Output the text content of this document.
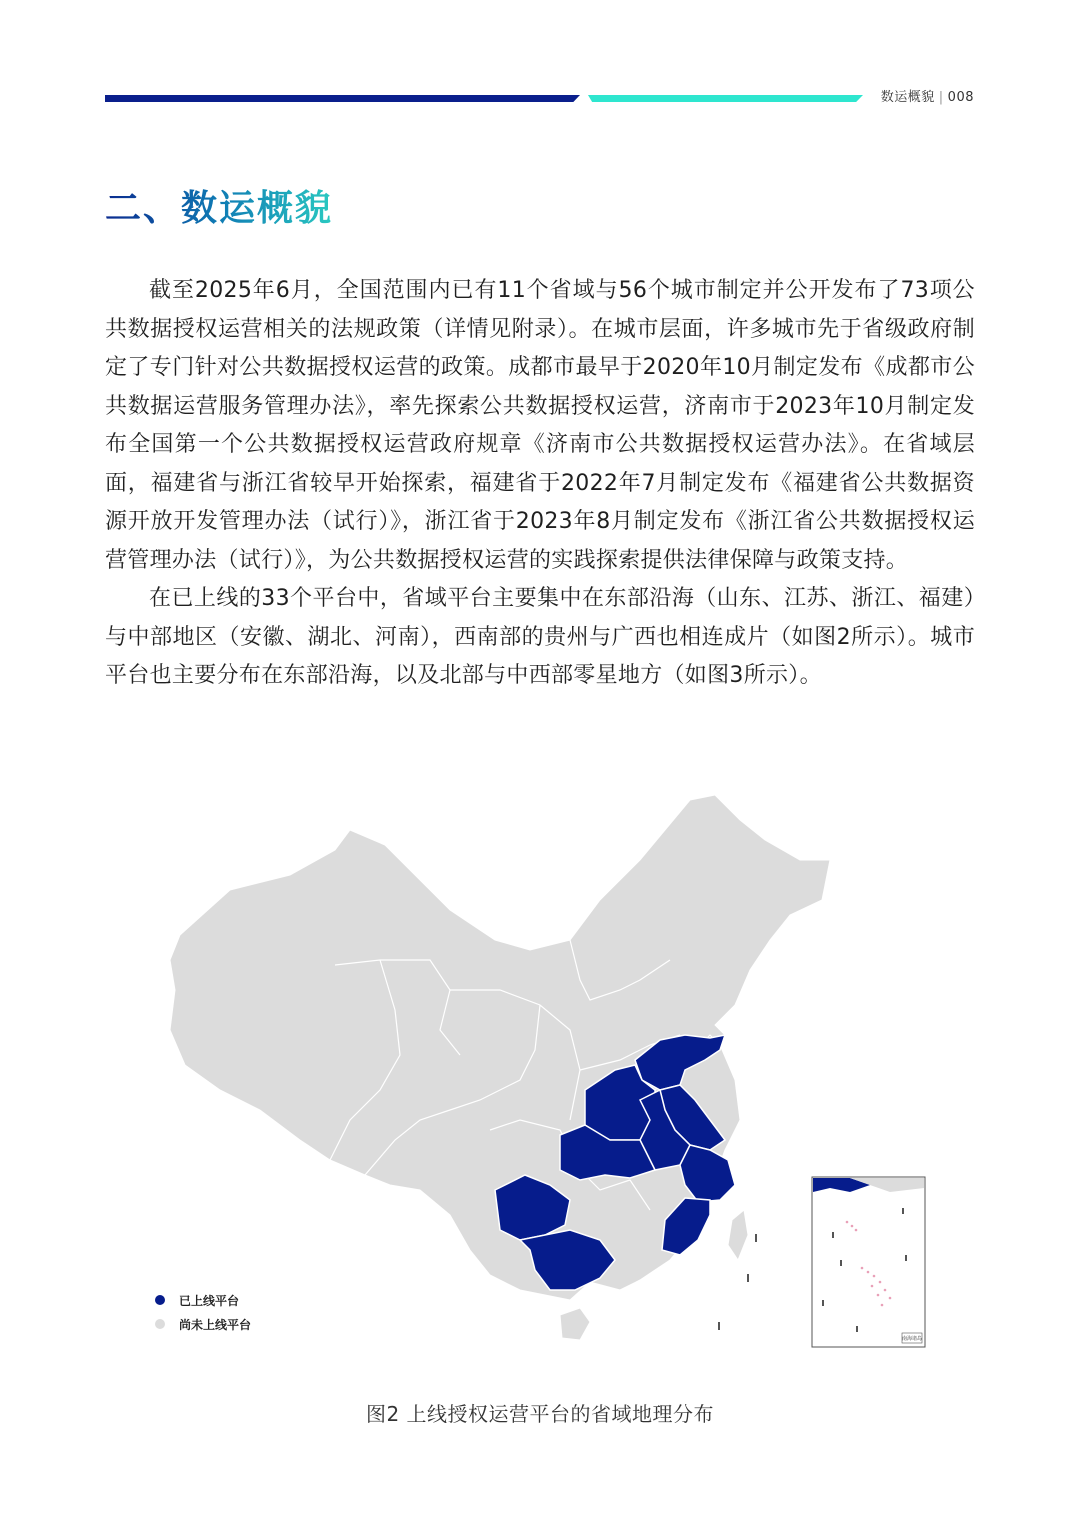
数运概貌 | 008
二、数运概貌

截至2025年6月，全国范围内已有11个省域与56个城市制定并公开发布了73项公共数据授权运营相关的法规政策（详情见附录）。在城市层面，许多城市先于省级政府制定了专门针对公共数据授权运营的政策。成都市最早于2020年10月制定发布《成都市公共数据运营服务管理办法》，率先探索公共数据授权运营，济南市于2023年10月制定发布全国第一个公共数据授权运营政府规章《济南市公共数据授权运营办法》。在省域层面，福建省与浙江省较早开始探索，福建省于2022年7月制定发布《福建省公共数据资源开放开发管理办法（试行）》，浙江省于2023年8月制定发布《浙江省公共数据授权运营管理办法（试行）》，为公共数据授权运营的实践探索提供法律保障与政策支持。

在已上线的33个平台中，省域平台主要集中在东部沿海（山东、江苏、浙江、福建）与中部地区（安徽、湖北、河南），西南部的贵州与广西也相连成片（如图2所示）。城市平台也主要分布在东部沿海，以及北部与中西部零星地方（如图3所示）。

南海诸岛
已上线平台
尚未上线平台
图2 上线授权运营平台的省域地理分布
